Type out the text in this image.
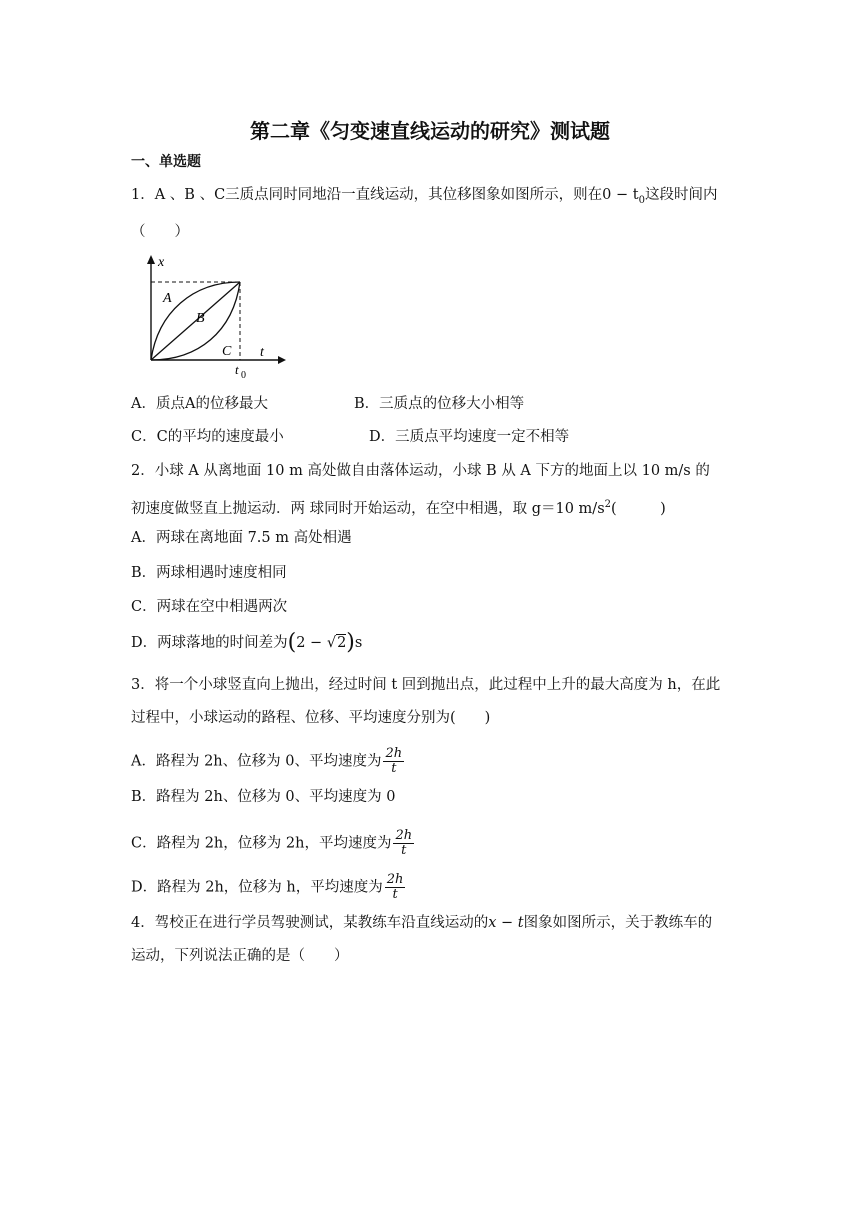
第二章《匀变速直线运动的研究》测试题
一、单选题
1．A 、B 、C三质点同时同地沿一直线运动，其位移图象如图所示，则在$0 - t_0$这段时间内
（　　）
x
t
A
B
C
t 0
A．质点A的位移最大	B．三质点的位移大小相等
C．C的平均的速度最小	D．三质点平均速度一定不相等
2．小球 A 从离地面 10 m 高处做自由落体运动，小球 B 从 A 下方的地面上以 10 m/s 的
初速度做竖直上抛运动．两 球同时开始运动，在空中相遇，取 g＝10 $m/s^2$(　　　)
A．两球在离地面 7.5 m 高处相遇
B．两球相遇时速度相同
C．两球在空中相遇两次
D．两球落地的时间差为(2 − √2)s
3．将一个小球竖直向上抛出，经过时间 t 回到抛出点，此过程中上升的最大高度为 h，在此
过程中，小球运动的路程、位移、平均速度分别为(　　)
A．路程为 2h、位移为 0、平均速度为 $\frac{2h}{t}$
B．路程为 2h、位移为 0、平均速度为 0
C．路程为 2h，位移为 2h，平均速度为 $\frac{2h}{t}$
D．路程为 2h，位移为 h，平均速度为 $\frac{2h}{t}$
4．驾校正在进行学员驾驶测试，某教练车沿直线运动的x − t图象如图所示，关于教练车的
运动，下列说法正确的是（　　）
